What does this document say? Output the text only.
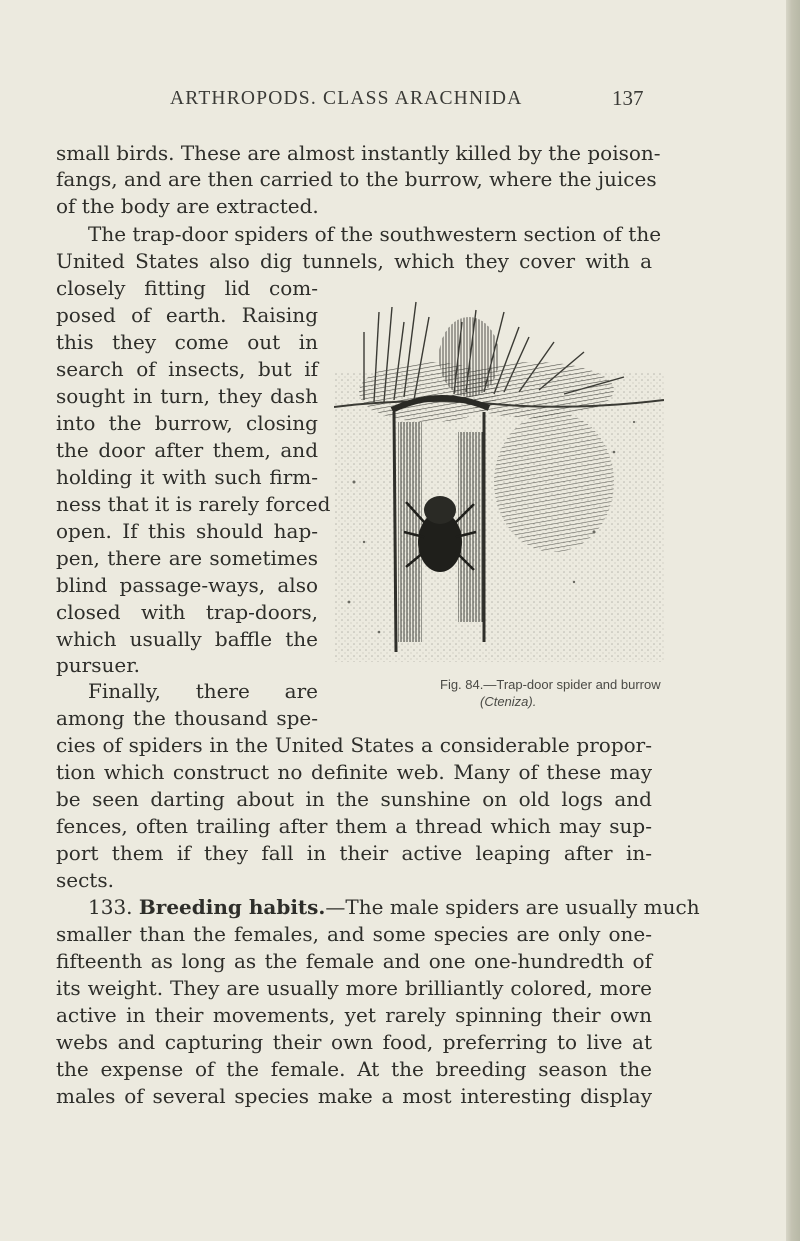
ARTHROPODS. CLASS ARACHNIDA	137
small birds. These are almost instantly killed by the poison-
fangs, and are then carried to the burrow, where the juices
of the body are extracted.
The trap-door spiders of the southwestern section of the
United States also dig tunnels, which they cover with a
closely fitting lid com-
posed of earth. Raising
this they come out in
search of insects, but if
sought in turn, they dash
into the burrow, closing
the door after them, and
holding it with such firm-
ness that it is rarely forced
open. If this should hap-
pen, there are sometimes
blind passage-ways, also
closed with trap-doors,
which usually baffle the
pursuer.
Finally, there are
among the thousand spe-
Fig. 84.—Trap-door spider and burrow
(Ctenizа).
cies of spiders in the United States a considerable propor-
tion which construct no definite web. Many of these may
be seen darting about in the sunshine on old logs and
fences, often trailing after them a thread which may sup-
port them if they fall in their active leaping after in-
sects.
133. Breeding habits.—The male spiders are usually much
smaller than the females, and some species are only one-
fifteenth as long as the female and one one-hundredth of
its weight. They are usually more brilliantly colored, more
active in their movements, yet rarely spinning their own
webs and capturing their own food, preferring to live at
the expense of the female. At the breeding season the
males of several species make a most interesting display
